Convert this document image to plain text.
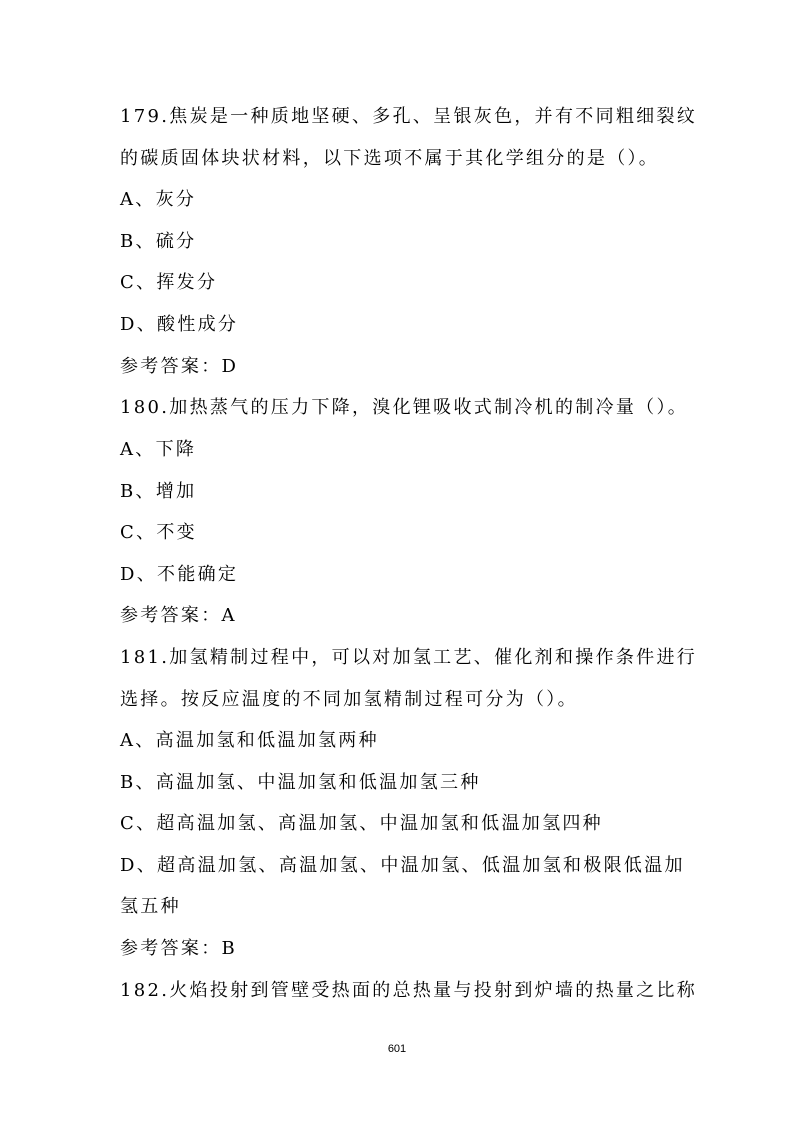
179.焦炭是一种质地坚硬、多孔、呈银灰色，并有不同粗细裂纹
的碳质固体块状材料，以下选项不属于其化学组分的是（）。
A、灰分
B、硫分
C、挥发分
D、酸性成分
参考答案：D
180.加热蒸气的压力下降，溴化锂吸收式制冷机的制冷量（）。
A、下降
B、增加
C、不变
D、不能确定
参考答案：A
181.加氢精制过程中，可以对加氢工艺、催化剂和操作条件进行
选择。按反应温度的不同加氢精制过程可分为（）。
A、高温加氢和低温加氢两种
B、高温加氢、中温加氢和低温加氢三种
C、超高温加氢、高温加氢、中温加氢和低温加氢四种
D、超高温加氢、高温加氢、中温加氢、低温加氢和极限低温加
氢五种
参考答案：B
182.火焰投射到管壁受热面的总热量与投射到炉墙的热量之比称
601
